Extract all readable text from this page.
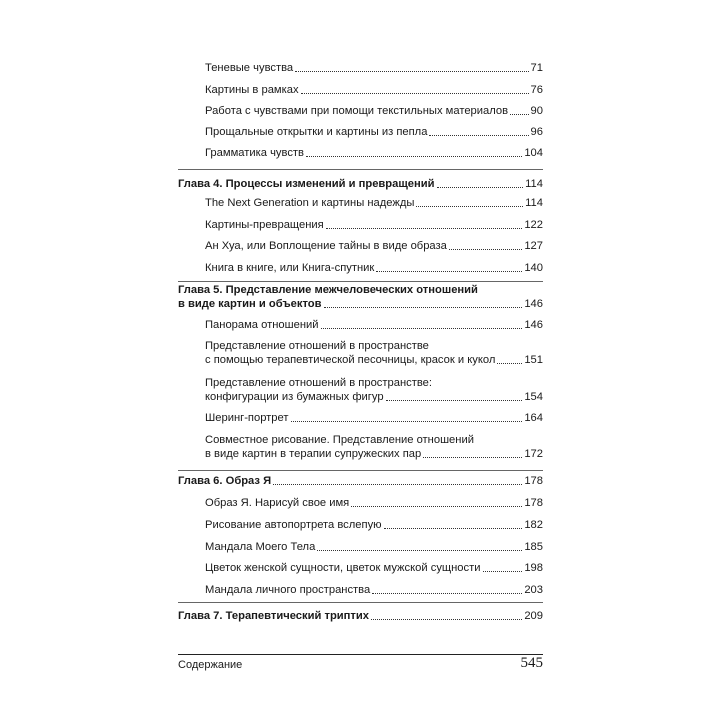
Теневые чувства	71
Картины в рамках	76
Работа с чувствами при помощи текстильных материалов 90
Прощальные открытки и картины из пепла	96
Грамматика чувств	104
Глава 4. Процессы изменений и превращений	114
The Next Generation и картины надежды	114
Картины-превращения	122
Ан Хуа, или Воплощение тайны в виде образа	127
Книга в книге, или Книга-спутник	140
Глава 5. Представление межчеловеческих отношений
в виде картин и объектов	146
Панорама отношений	146
Представление отношений в пространстве
с помощью терапевтической песочницы, красок и кукол	151
Представление отношений в пространстве:
конфигурации из бумажных фигур	154
Шеринг-портрет	164
Совместное рисование. Представление отношений
в виде картин в терапии супружеских пар	172
Глава 6. Образ Я	178
Образ Я. Нарисуй свое имя	178
Рисование автопортрета вслепую	182
Мандала Моего Тела	185
Цветок женской сущности, цветок мужской сущности	198
Мандала личного пространства	203
Глава 7. Терапевтический триптих	209
Содержание	545
